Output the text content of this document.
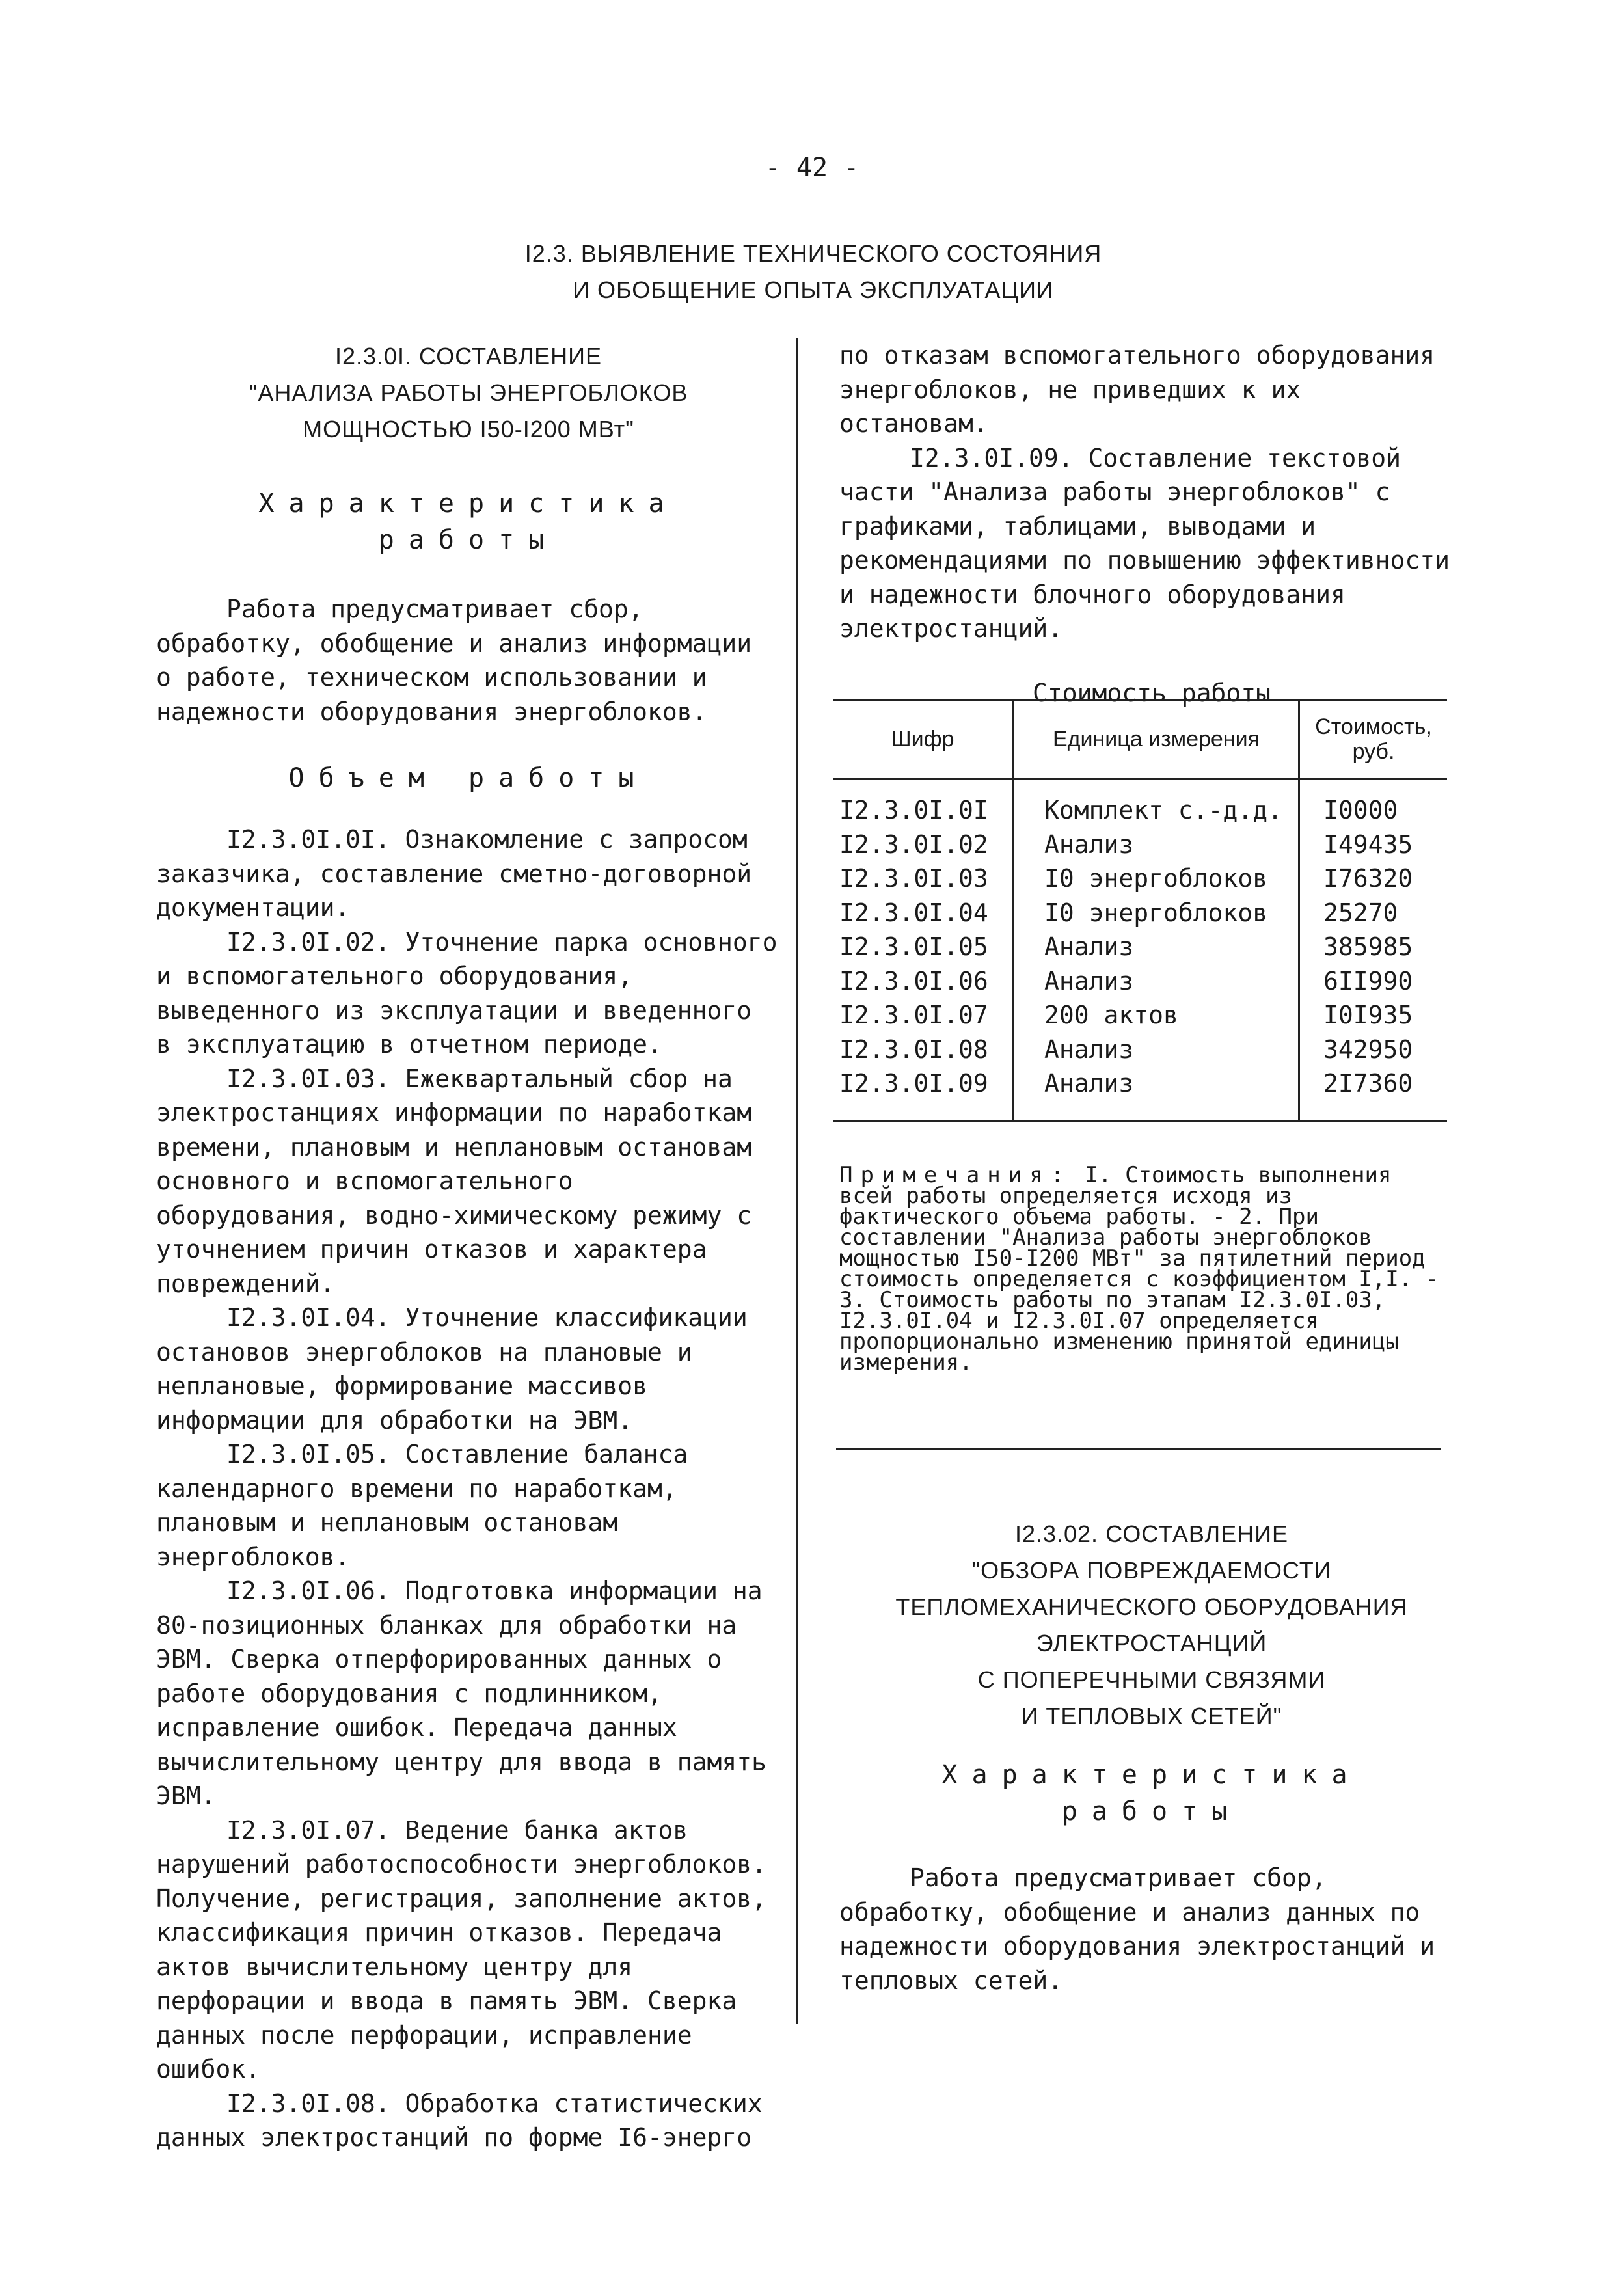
- 42 -
I2.3. ВЫЯВЛЕНИЕ ТЕХНИЧЕСКОГО СОСТОЯНИЯ
И ОБОБЩЕНИЕ ОПЫТА ЭКСПЛУАТАЦИИ
I2.3.0I. СОСТАВЛЕНИЕ
"АНАЛИЗА РАБОТЫ ЭНЕРГОБЛОКОВ
МОЩНОСТЬЮ I50-I200 МВт"
Характеристика
работы

Работа предусматривает сбор, обработку, обобщение и анализ информации о работе, техническом использовании и надежности оборудования энергоблоков.

Объем работы

I2.3.0I.0I. Ознакомление с запросом заказчика, составление сметно-договорной документации.

I2.3.0I.02. Уточнение парка основного и вспомогательного оборудования, выведенного из эксплуатации и введенного в эксплуатацию в отчетном периоде.

I2.3.0I.03. Ежеквартальный сбор на электростанциях информации по наработкам времени, плановым и неплановым остановам основного и вспомогательного оборудования, водно-химическому режиму с уточнением причин отказов и характера повреждений.

I2.3.0I.04. Уточнение классификации остановов энергоблоков на плановые и неплановые, формирование массивов информации для обработки на ЭВМ.

I2.3.0I.05. Составление баланса календарного времени по наработкам, плановым и неплановым остановам энергоблоков.

I2.3.0I.06. Подготовка информации на 80-позиционных бланках для обработки на ЭВМ. Сверка отперфорированных данных о работе оборудования с подлинником, исправление ошибок. Передача данных вычислительному центру для ввода в память ЭВМ.

I2.3.0I.07. Ведение банка актов нарушений работоспособности энергоблоков. Получение, регистрация, заполнение актов, классификация причин отказов. Передача актов вычислительному центру для перфорации и ввода в память ЭВМ. Сверка данных после перфорации, исправление ошибок.

I2.3.0I.08. Обработка статистических данных электростанций по форме I6-энерго

по отказам вспомогательного оборудования энергоблоков, не приведших к их остановам.

I2.3.0I.09. Составление текстовой части "Анализа работы энергоблоков" с графиками, таблицами, выводами и рекомендациями по повышению эффективности и надежности блочного оборудования электростанций.

Стоимость работы
Шифр	Единица измерения	Стоимость, руб.
I2.3.0I.0I	Комплект с.-д.д.	I0000
I2.3.0I.02	Анализ	I49435
I2.3.0I.03	I0 энергоблоков	I76320
I2.3.0I.04	I0 энергоблоков	25270
I2.3.0I.05	Анализ	385985
I2.3.0I.06	Анализ	6II990
I2.3.0I.07	200 актов	I0I935
I2.3.0I.08	Анализ	342950
I2.3.0I.09	Анализ	2I7360
Примечания: I. Стоимость выполнения всей работы определяется исходя из фактического объема работы. - 2. При составлении "Анализа работы энергоблоков мощностью I50-I200 МВт" за пятилетний период стоимость определяется с коэффициентом I,I. - 3. Стоимость работы по этапам I2.3.0I.03, I2.3.0I.04 и I2.3.0I.07 определяется пропорционально изменению принятой единицы измерения.
I2.3.02. СОСТАВЛЕНИЕ
"ОБЗОРА ПОВРЕЖДАЕМОСТИ
ТЕПЛОМЕХАНИЧЕСКОГО ОБОРУДОВАНИЯ
ЭЛЕКТРОСТАНЦИЙ
С ПОПЕРЕЧНЫМИ СВЯЗЯМИ
И ТЕПЛОВЫХ СЕТЕЙ"
Характеристика
работы

Работа предусматривает сбор, обработку, обобщение и анализ данных по надежности оборудования электростанций и тепловых сетей.
